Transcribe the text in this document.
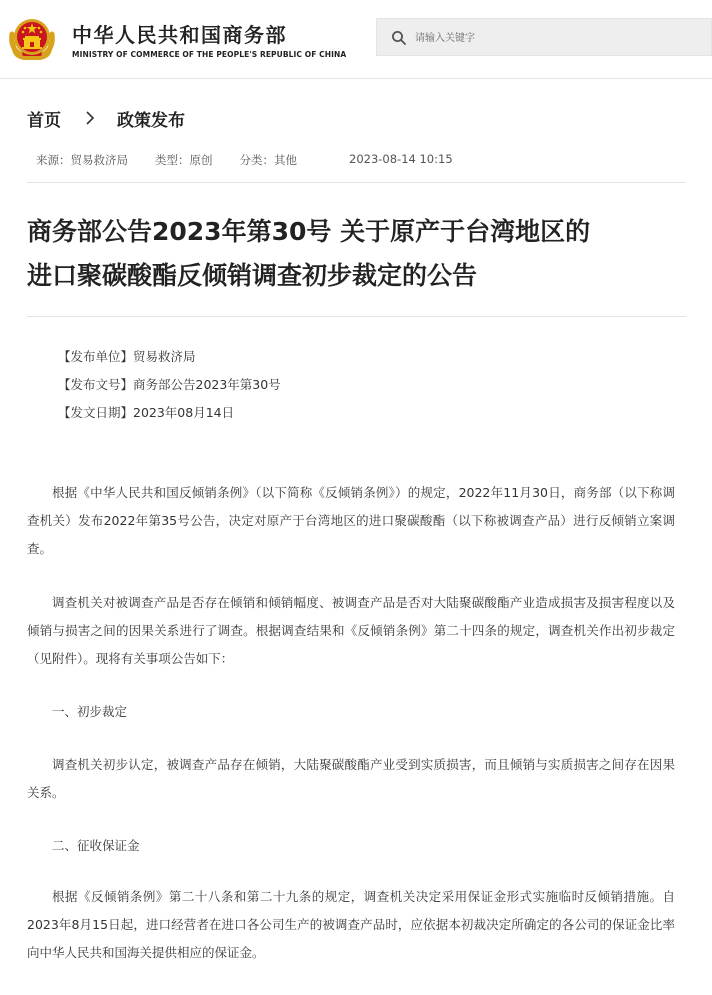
中华人民共和国商务部
MINISTRY OF COMMERCE OF THE PEOPLE'S REPUBLIC OF CHINA
请输入关键字
首页	政策发布
来源：贸易救济局 类型：原创 分类：其他	2023-08-14 10:15
商务部公告2023年第30号 关于原产于台湾地区的
进口聚碳酸酯反倾销调查初步裁定的公告
【发布单位】贸易救济局
【发布文号】商务部公告2023年第30号
【发文日期】2023年08月14日

根据《中华人民共和国反倾销条例》（以下简称《反倾销条例》）的规定，2022年11月30日，商务部（以下称调查机关）发布2022年第35号公告，决定对原产于台湾地区的进口聚碳酸酯（以下称被调查产品）进行反倾销立案调查。

调查机关对被调查产品是否存在倾销和倾销幅度、被调查产品是否对大陆聚碳酸酯产业造成损害及损害程度以及倾销与损害之间的因果关系进行了调查。根据调查结果和《反倾销条例》第二十四条的规定，调查机关作出初步裁定（见附件）。现将有关事项公告如下：

一、初步裁定

调查机关初步认定，被调查产品存在倾销，大陆聚碳酸酯产业受到实质损害，而且倾销与实质损害之间存在因果关系。

二、征收保证金

根据《反倾销条例》第二十八条和第二十九条的规定，调查机关决定采用保证金形式实施临时反倾销措施。自2023年8月15日起，进口经营者在进口各公司生产的被调查产品时，应依据本初裁决定所确定的各公司的保证金比率向中华人民共和国海关提供相应的保证金。
